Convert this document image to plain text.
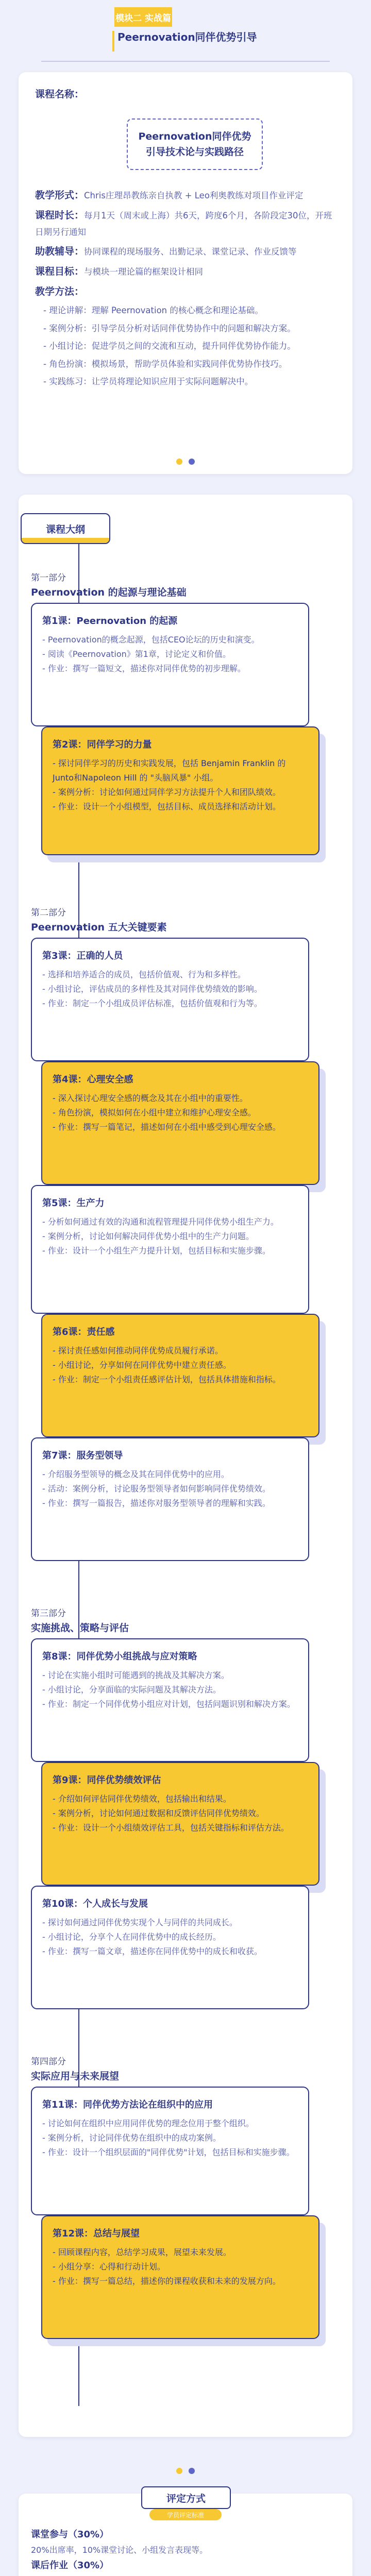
模块二 实战篇
Peernovation同伴优势引导
课程名称：
Peernovation同伴优势
引导技术论与实践路径

教学形式：Chris庄理昂教练亲自执教 + Leo利奥教练对项目作业评定

课程时长：每月1天（周末或上海）共6天，跨度6个月，各阶段定30位，开班日期另行通知

助教辅导：协同课程的现场服务、出勤记录、课堂记录、作业反馈等

课程目标：与模块一理论篇的框架设计相同

教学方法：

- 理论讲解：理解 Peernovation 的核心概念和理论基础。

- 案例分析：引导学员分析对话同伴优势协作中的问题和解决方案。

- 小组讨论：促进学员之间的交流和互动，提升同伴优势协作能力。

- 角色扮演：模拟场景，帮助学员体验和实践同伴优势协作技巧。

- 实践练习：让学员将理论知识应用于实际问题解决中。

课程大纲
第一部分
Peernovation 的起源与理论基础
第1课：Peernovation 的起源

- Peernovation的概念起源，包括CEO论坛的历史和演变。

- 阅读《Peernovation》第1章，讨论定义和价值。

- 作业：撰写一篇短文，描述你对同伴优势的初步理解。

第2课：同伴学习的力量

- 探讨同伴学习的历史和实践发展，包括 Benjamin Franklin 的 Junto和Napoleon Hill 的 "头脑风暴" 小组。

- 案例分析：讨论如何通过同伴学习方法提升个人和团队绩效。

- 作业：设计一个小组模型，包括目标、成员选择和活动计划。

第二部分
Peernovation 五大关键要素
第3课：正确的人员

- 选择和培养适合的成员，包括价值观、行为和多样性。

- 小组讨论，评估成员的多样性及其对同伴优势绩效的影响。

- 作业：制定一个小组成员评估标准，包括价值观和行为等。

第4课：心理安全感

- 深入探讨心理安全感的概念及其在小组中的重要性。

- 角色扮演，模拟如何在小组中建立和维护心理安全感。

- 作业：撰写一篇笔记，描述如何在小组中感受到心理安全感。

第5课：生产力

- 分析如何通过有效的沟通和流程管理提升同伴优势小组生产力。

- 案例分析，讨论如何解决同伴优势小组中的生产力问题。

- 作业：设计一个小组生产力提升计划，包括目标和实施步骤。

第6课：责任感

- 探讨责任感如何推动同伴优势成员履行承诺。

- 小组讨论，分享如何在同伴优势中建立责任感。

- 作业：制定一个小组责任感评估计划，包括具体措施和指标。

第7课：服务型领导

- 介绍服务型领导的概念及其在同伴优势中的应用。

- 活动：案例分析，讨论服务型领导者如何影响同伴优势绩效。

- 作业：撰写一篇报告，描述你对服务型领导者的理解和实践。

第三部分
实施挑战、策略与评估
第8课：同伴优势小组挑战与应对策略

- 讨论在实施小组时可能遇到的挑战及其解决方案。

- 小组讨论，分享面临的实际问题及其解决方法。

- 作业：制定一个同伴优势小组应对计划，包括问题识别和解决方案。

第9课：同伴优势绩效评估

- 介绍如何评估同伴优势绩效，包括输出和结果。

- 案例分析，讨论如何通过数据和反馈评估同伴优势绩效。

- 作业：设计一个小组绩效评估工具，包括关键指标和评估方法。

第10课：个人成长与发展

- 探讨如何通过同伴优势实现个人与同伴的共同成长。

- 小组讨论，分享个人在同伴优势中的成长经历。

- 作业：撰写一篇文章，描述你在同伴优势中的成长和收获。

第四部分
实际应用与未来展望
第11课：同伴优势方法论在组织中的应用

- 讨论如何在组织中应用同伴优势的理念位用于整个组织。

- 案例分析，讨论同伴优势在组织中的成功案例。

- 作业：设计一个组织层面的"同伴优势"计划，包括目标和实施步骤。

第12课：总结与展望

- 回顾课程内容，总结学习成果，展望未来发展。

- 小组分享：心得和行动计划。

- 作业：撰写一篇总结，描述你的课程收获和未来的发展方向。

评定方式
学员评定标准

课堂参与（30%）

20%出席率，10%课堂讨论、小组发言表现等。

课后作业（30%）
